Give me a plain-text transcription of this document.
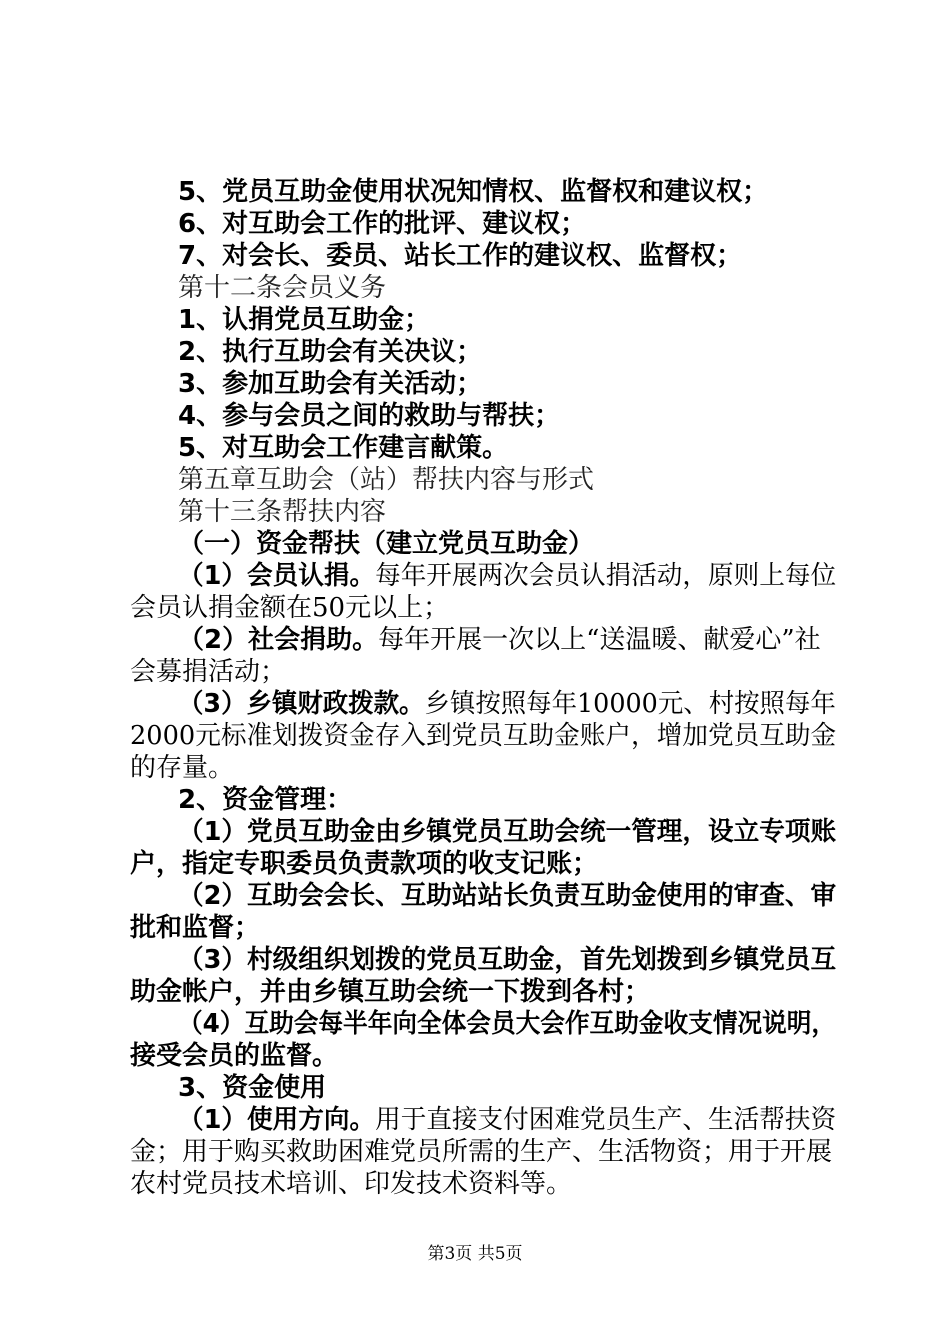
5、党员互助金使用状况知情权、监督权和建议权；
6、对互助会工作的批评、建议权；
7、对会长、委员、站长工作的建议权、监督权；
第十二条会员义务
1、认捐党员互助金；
2、执行互助会有关决议；
3、参加互助会有关活动；
4、参与会员之间的救助与帮扶；
5、对互助会工作建言献策。
第五章互助会（站）帮扶内容与形式
第十三条帮扶内容
（一）资金帮扶（建立党员互助金）
（1）会员认捐。每年开展两次会员认捐活动，原则上每位
会员认捐金额在50元以上；
（2）社会捐助。每年开展一次以上“送温暖、献爱心”社
会募捐活动；
（3）乡镇财政拨款。乡镇按照每年10000元、村按照每年
2000元标准划拨资金存入到党员互助金账户，增加党员互助金
的存量。
2、资金管理：
（1）党员互助金由乡镇党员互助会统一管理，设立专项账
户，指定专职委员负责款项的收支记账；
（2）互助会会长、互助站站长负责互助金使用的审查、审
批和监督；
（3）村级组织划拨的党员互助金，首先划拨到乡镇党员互
助金帐户，并由乡镇互助会统一下拨到各村；
（4）互助会每半年向全体会员大会作互助金收支情况说明，
接受会员的监督。
3、资金使用
（1）使用方向。用于直接支付困难党员生产、生活帮扶资
金；用于购买救助困难党员所需的生产、生活物资；用于开展
农村党员技术培训、印发技术资料等。
第3页 共5页
